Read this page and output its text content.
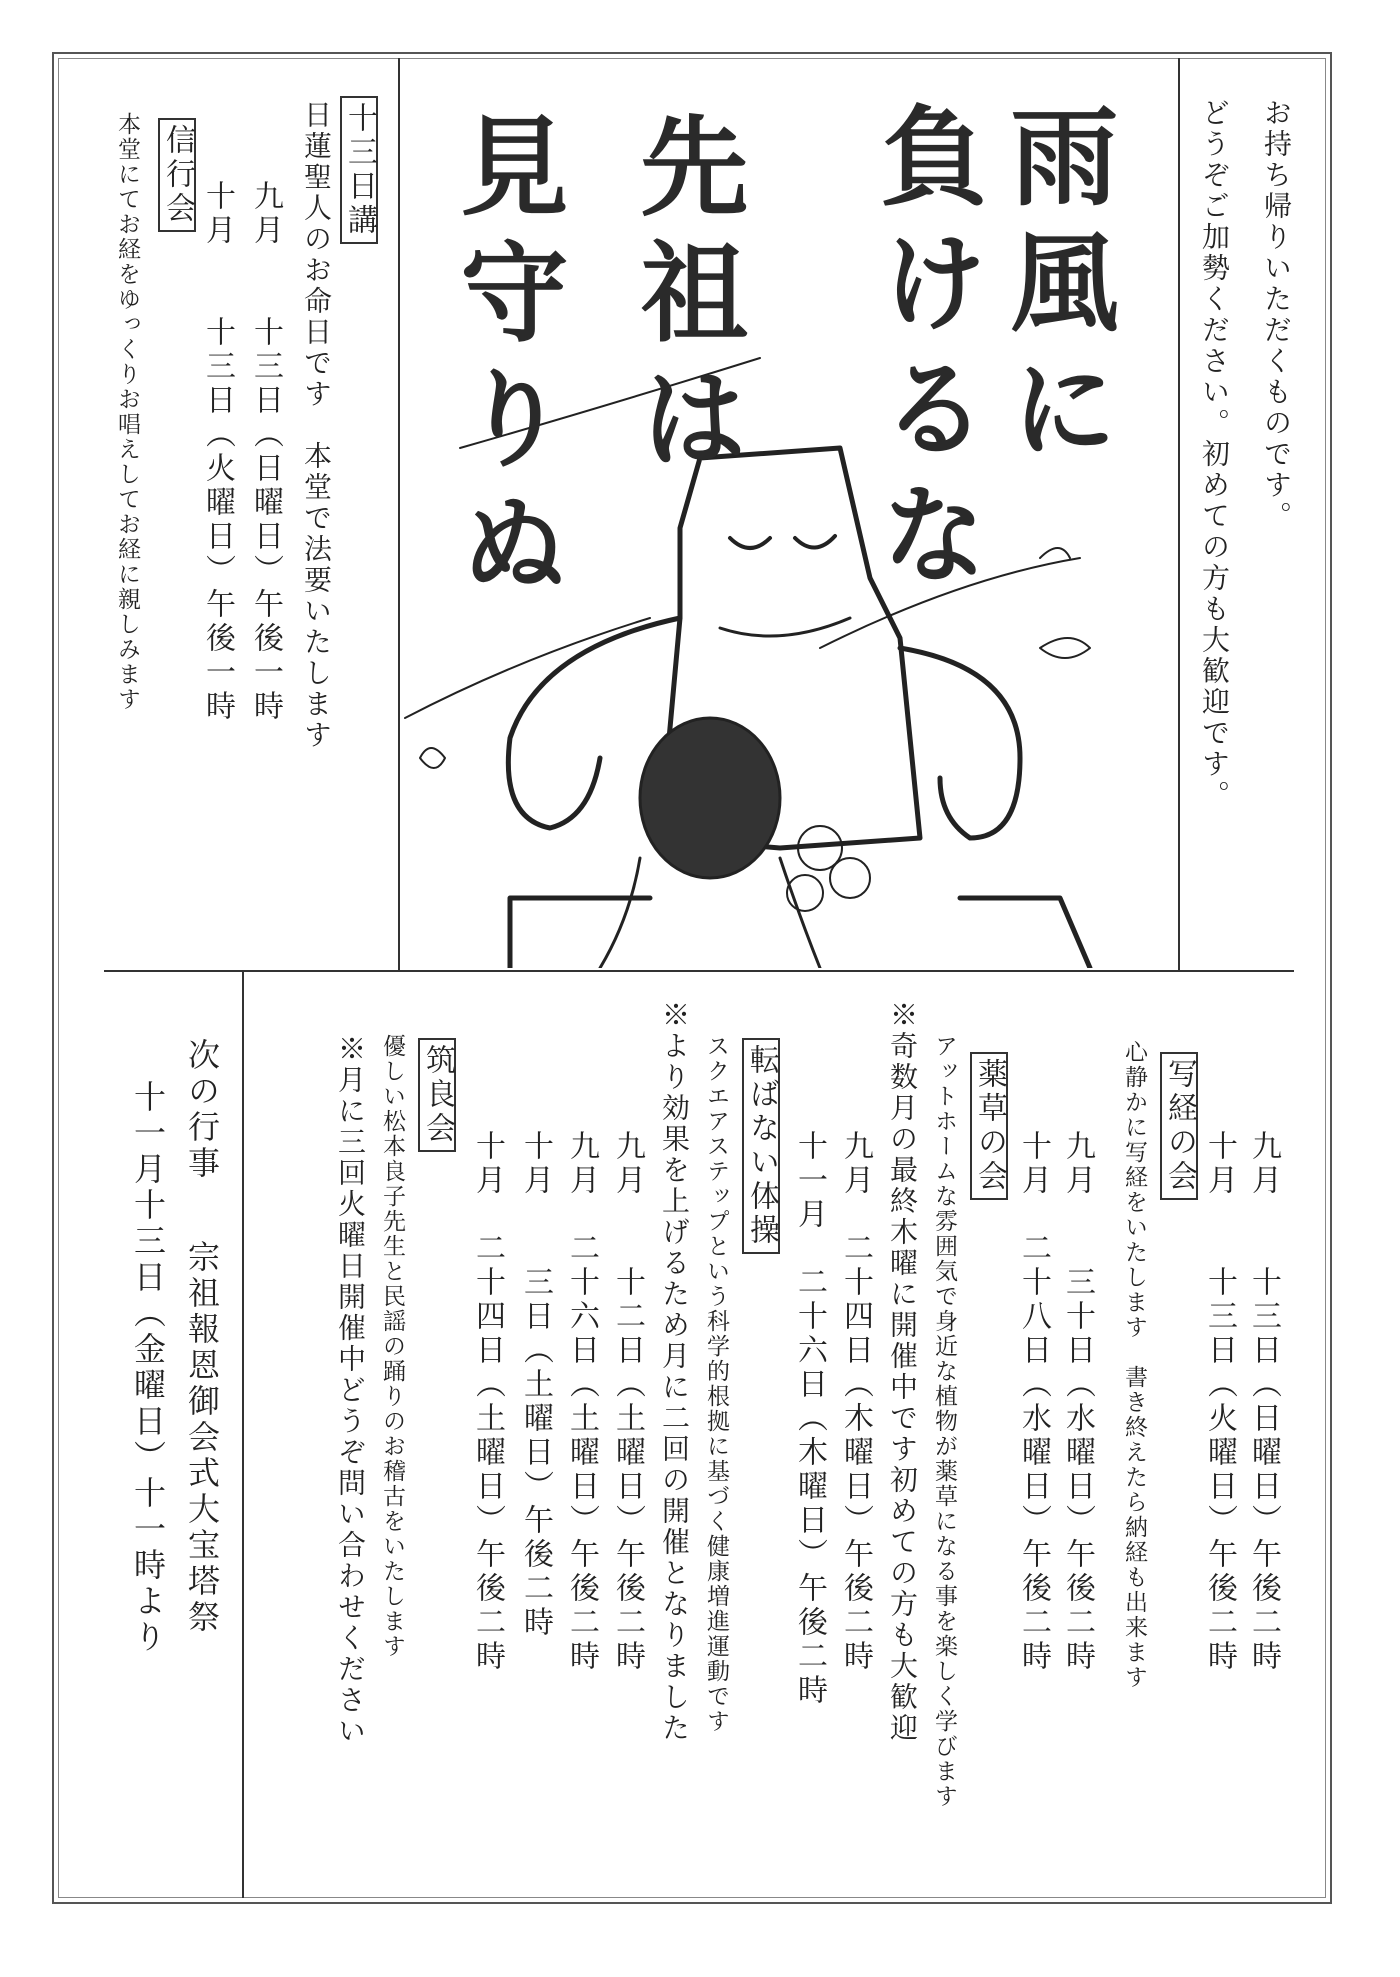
雨風に
負けるな
先祖は
見守りぬ	お持ち帰りいただくものです。
どうぞご加勢ください。初めての方も大歓迎です。
十三日講
日蓮聖人のお命日です　本堂で法要いたします
九月　　十三日（日曜日）午後一時
十月　　十三日（火曜日）午後一時
信行会
本堂にてお経をゆっくりお唱えしてお経に親しみます
九月　　十三日（日曜日）午後二時
十月　　十三日（火曜日）午後二時
写経の会
心静かに写経をいたします　書き終えたら納経も出来ます
九月　　三十日（水曜日）午後二時
十月　二十八日（水曜日）午後二時
薬草の会
アットホームな雰囲気で身近な植物が薬草になる事を楽しく学びます
※奇数月の最終木曜に開催中です初めての方も大歓迎
九月　二十四日（木曜日）午後二時
十一月　二十六日（木曜日）午後二時
転ばない体操
スクエアステップという科学的根拠に基づく健康増進運動です
※より効果を上げるため月に二回の開催となりました
九月　　十二日（土曜日）午後二時
九月　二十六日（土曜日）午後二時
十月　　三日（土曜日）午後二時
十月　二十四日（土曜日）午後二時
筑良会
優しい松本良子先生と民謡の踊りのお稽古をいたします
※月に三回火曜日開催中どうぞ問い合わせください
次の行事
宗祖報恩御会式大宝塔祭
十一月十三日（金曜日）十一時より
